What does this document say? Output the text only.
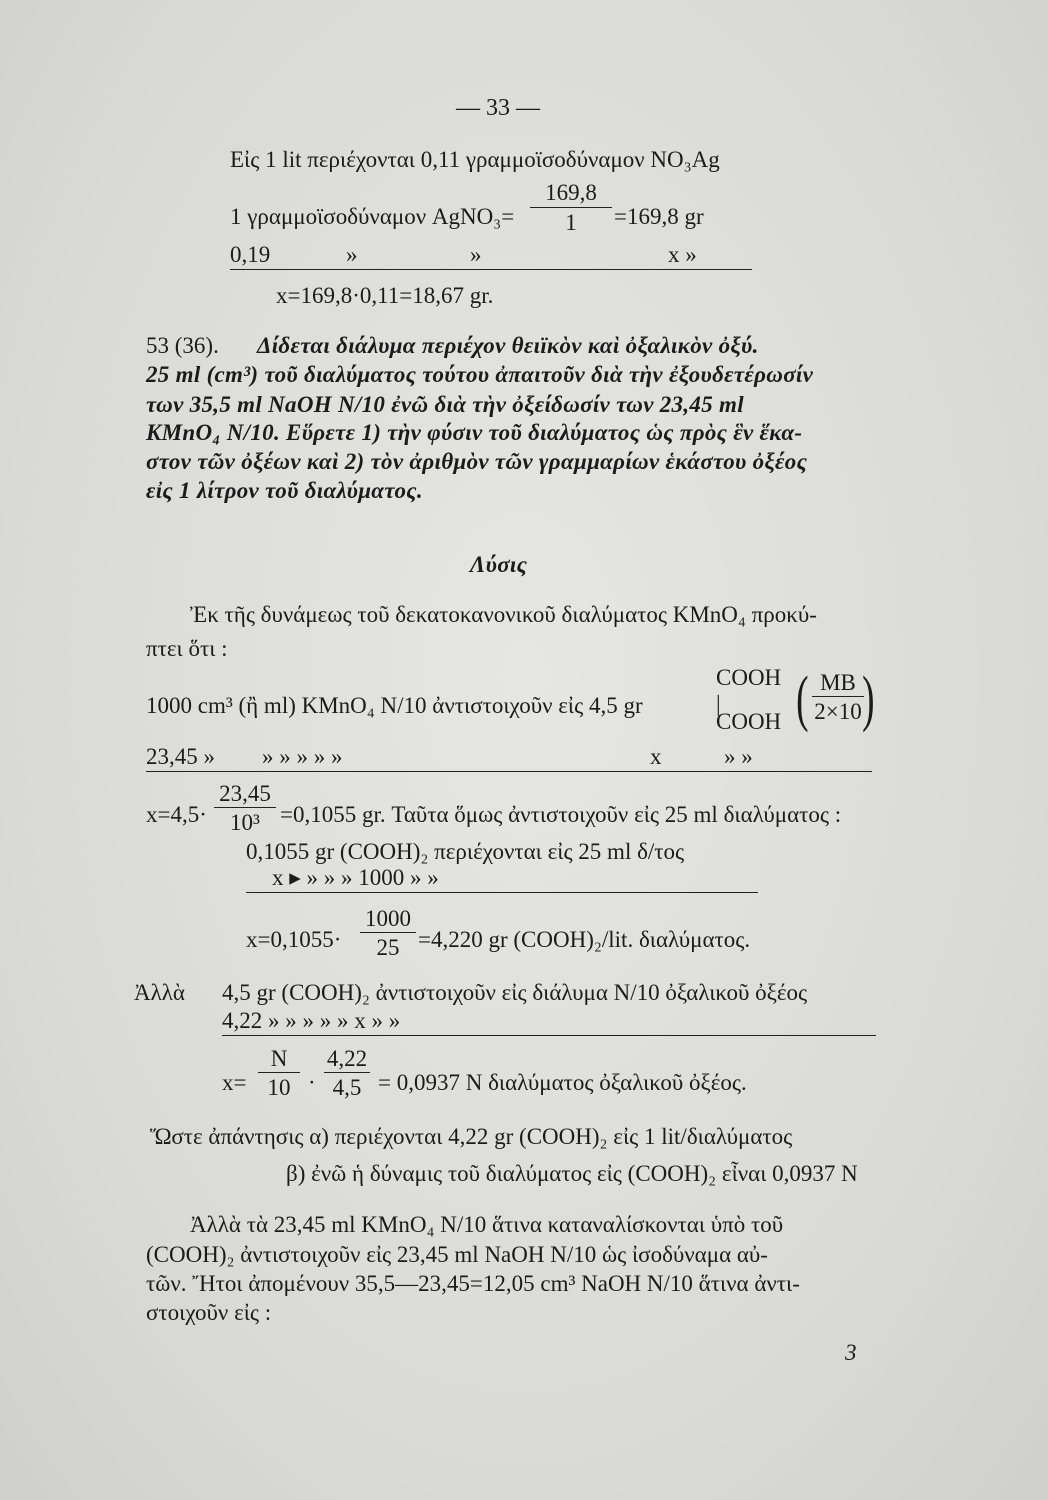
— 33 —
Εἰς 1 lit περιέχονται 0,11 γραμμοϊσοδύναμον NO₃Ag
1 γραμμοϊσοδύναμον AgNO₃=
169,8
1	=169,8 gr
0,19	»	»	x »
x=169,8·0,11=18,67 gr.
53 (36). Δίδεται διάλυμα περιέχον θειϊκὸν καὶ ὀξαλικὸν ὀξύ.
25 ml (cm³) τοῦ διαλύματος τούτου ἀπαιτοῦν διὰ τὴν ἐξουδετέρωσίν
των 35,5 ml NaOH N/10 ἐνῶ διὰ τὴν ὀξείδωσίν των 23,45 ml
KMnO₄ N/10. Εὕρετε 1) τὴν φύσιν τοῦ διαλύματος ὡς πρὸς ἓν ἕκα-
στον τῶν ὀξέων καὶ 2) τὸν ἀριθμὸν τῶν γραμμαρίων ἑκάστου ὀξέος
εἰς 1 λίτρον τοῦ διαλύματος.
Λύσις
Ἐκ τῆς δυνάμεως τοῦ δεκατοκανονικοῦ διαλύματος KMnO₄ προκύ-
πτει ὅτι :
1000 cm³ (ἢ ml) KMnO₄ N/10 ἀντιστοιχοῦν εἰς 4,5 gr
COOH
|
COOH ( MB
2×10 )
23,45 » » » » » »	x	» »
x=4,5·
23,45
10³ =0,1055 gr. Ταῦτα ὅμως ἀντιστοιχοῦν εἰς 25 ml διαλύματος :
0,1055 gr (COOH)₂ περιέχονται εἰς 25 ml δ/τος
x ▸ » » » 1000 » »
x=0,1055·
1000
25 =4,220 gr (COOH)₂/lit. διαλύματος.
Ἀλλὰ 4,5 gr (COOH)₂ ἀντιστοιχοῦν εἰς διάλυμα N/10 ὀξαλικοῦ ὀξέος
4,22 » » » » » x » »
x=
N
10 ·
4,22
4,5 = 0,0937 N διαλύματος ὀξαλικοῦ ὀξέος.
Ὥστε ἀπάντησις α) περιέχονται 4,22 gr (COOH)₂ εἰς 1 lit/διαλύματος
β) ἐνῶ ἡ δύναμις τοῦ διαλύματος εἰς (COOH)₂ εἶναι 0,0937 N
Ἀλλὰ τὰ 23,45 ml KMnO₄ N/10 ἅτινα καταναλίσκονται ὑπὸ τοῦ
(COOH)₂ ἀντιστοιχοῦν εἰς 23,45 ml NaOH N/10 ὡς ἰσοδύναμα αὐ-
τῶν. Ἤτοι ἀπομένουν 35,5—23,45=12,05 cm³ NaOH N/10 ἅτινα ἀντι-
στοιχοῦν εἰς :
3
